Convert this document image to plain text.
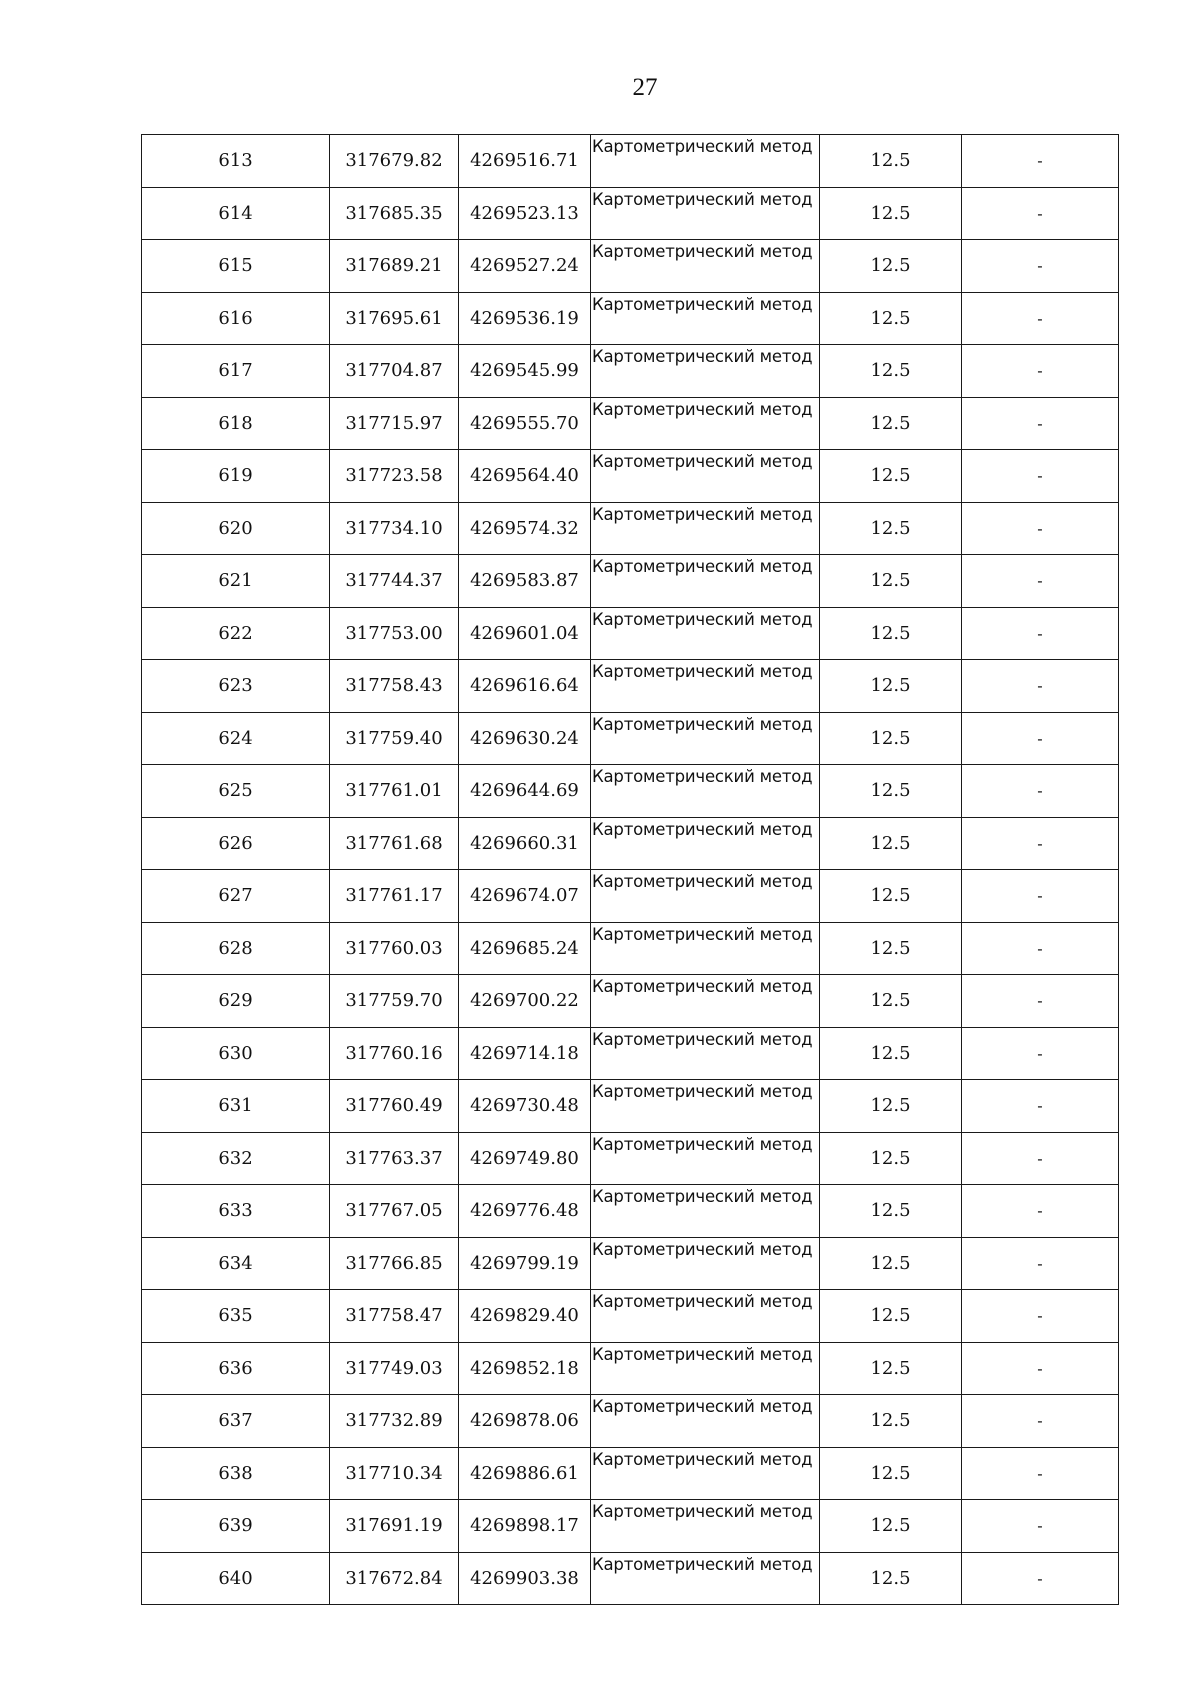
27
613	317679.82	4269516.71	Картометрический метод	12.5	-
614	317685.35	4269523.13	Картометрический метод	12.5	-
615	317689.21	4269527.24	Картометрический метод	12.5	-
616	317695.61	4269536.19	Картометрический метод	12.5	-
617	317704.87	4269545.99	Картометрический метод	12.5	-
618	317715.97	4269555.70	Картометрический метод	12.5	-
619	317723.58	4269564.40	Картометрический метод	12.5	-
620	317734.10	4269574.32	Картометрический метод	12.5	-
621	317744.37	4269583.87	Картометрический метод	12.5	-
622	317753.00	4269601.04	Картометрический метод	12.5	-
623	317758.43	4269616.64	Картометрический метод	12.5	-
624	317759.40	4269630.24	Картометрический метод	12.5	-
625	317761.01	4269644.69	Картометрический метод	12.5	-
626	317761.68	4269660.31	Картометрический метод	12.5	-
627	317761.17	4269674.07	Картометрический метод	12.5	-
628	317760.03	4269685.24	Картометрический метод	12.5	-
629	317759.70	4269700.22	Картометрический метод	12.5	-
630	317760.16	4269714.18	Картометрический метод	12.5	-
631	317760.49	4269730.48	Картометрический метод	12.5	-
632	317763.37	4269749.80	Картометрический метод	12.5	-
633	317767.05	4269776.48	Картометрический метод	12.5	-
634	317766.85	4269799.19	Картометрический метод	12.5	-
635	317758.47	4269829.40	Картометрический метод	12.5	-
636	317749.03	4269852.18	Картометрический метод	12.5	-
637	317732.89	4269878.06	Картометрический метод	12.5	-
638	317710.34	4269886.61	Картометрический метод	12.5	-
639	317691.19	4269898.17	Картометрический метод	12.5	-
640	317672.84	4269903.38	Картометрический метод	12.5	-
